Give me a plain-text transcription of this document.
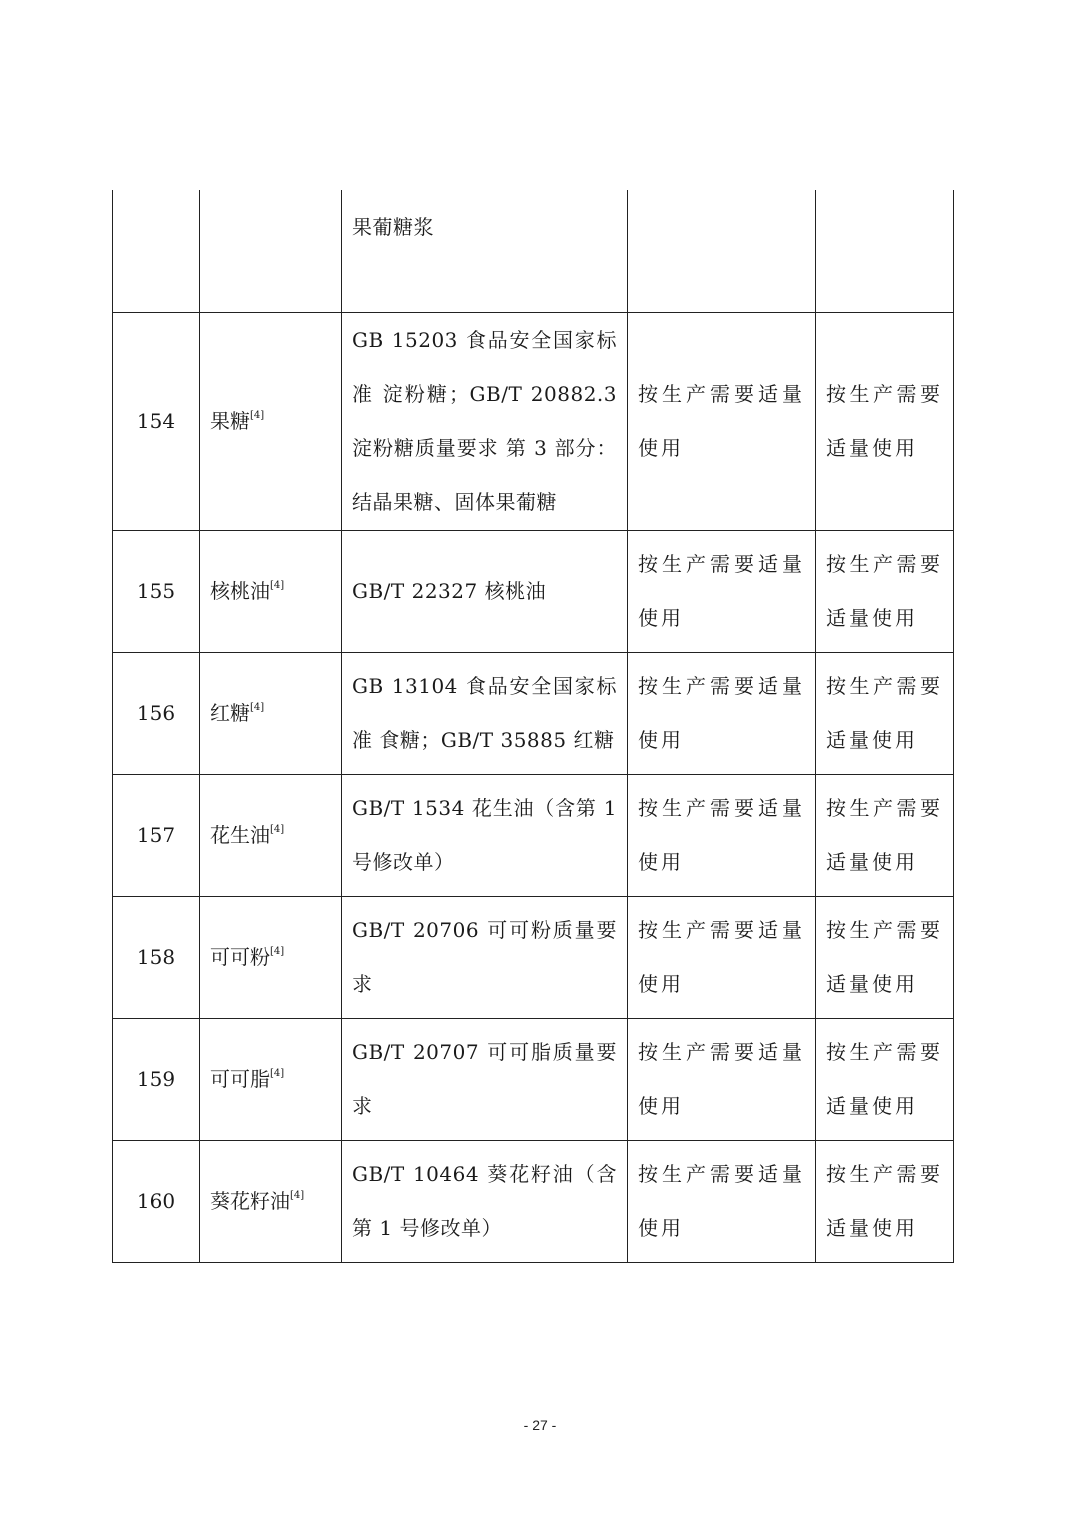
		果葡糖浆		
154	果糖[4]	GB 15203 食品安全国家标准 淀粉糖；GB/T 20882.3 淀粉糖质量要求 第 3 部分：结晶果糖、固体果葡糖	按生产需要适量使用	按生产需要适量使用
155	核桃油[4]	GB/T 22327 核桃油	按生产需要适量使用	按生产需要适量使用
156	红糖[4]	GB 13104 食品安全国家标准 食糖；GB/T 35885 红糖	按生产需要适量使用	按生产需要适量使用
157	花生油[4]	GB/T 1534 花生油（含第 1 号修改单）	按生产需要适量使用	按生产需要适量使用
158	可可粉[4]	GB/T 20706 可可粉质量要求	按生产需要适量使用	按生产需要适量使用
159	可可脂[4]	GB/T 20707 可可脂质量要求	按生产需要适量使用	按生产需要适量使用
160	葵花籽油[4]	GB/T 10464 葵花籽油（含第 1 号修改单）	按生产需要适量使用	按生产需要适量使用
- 27 -
